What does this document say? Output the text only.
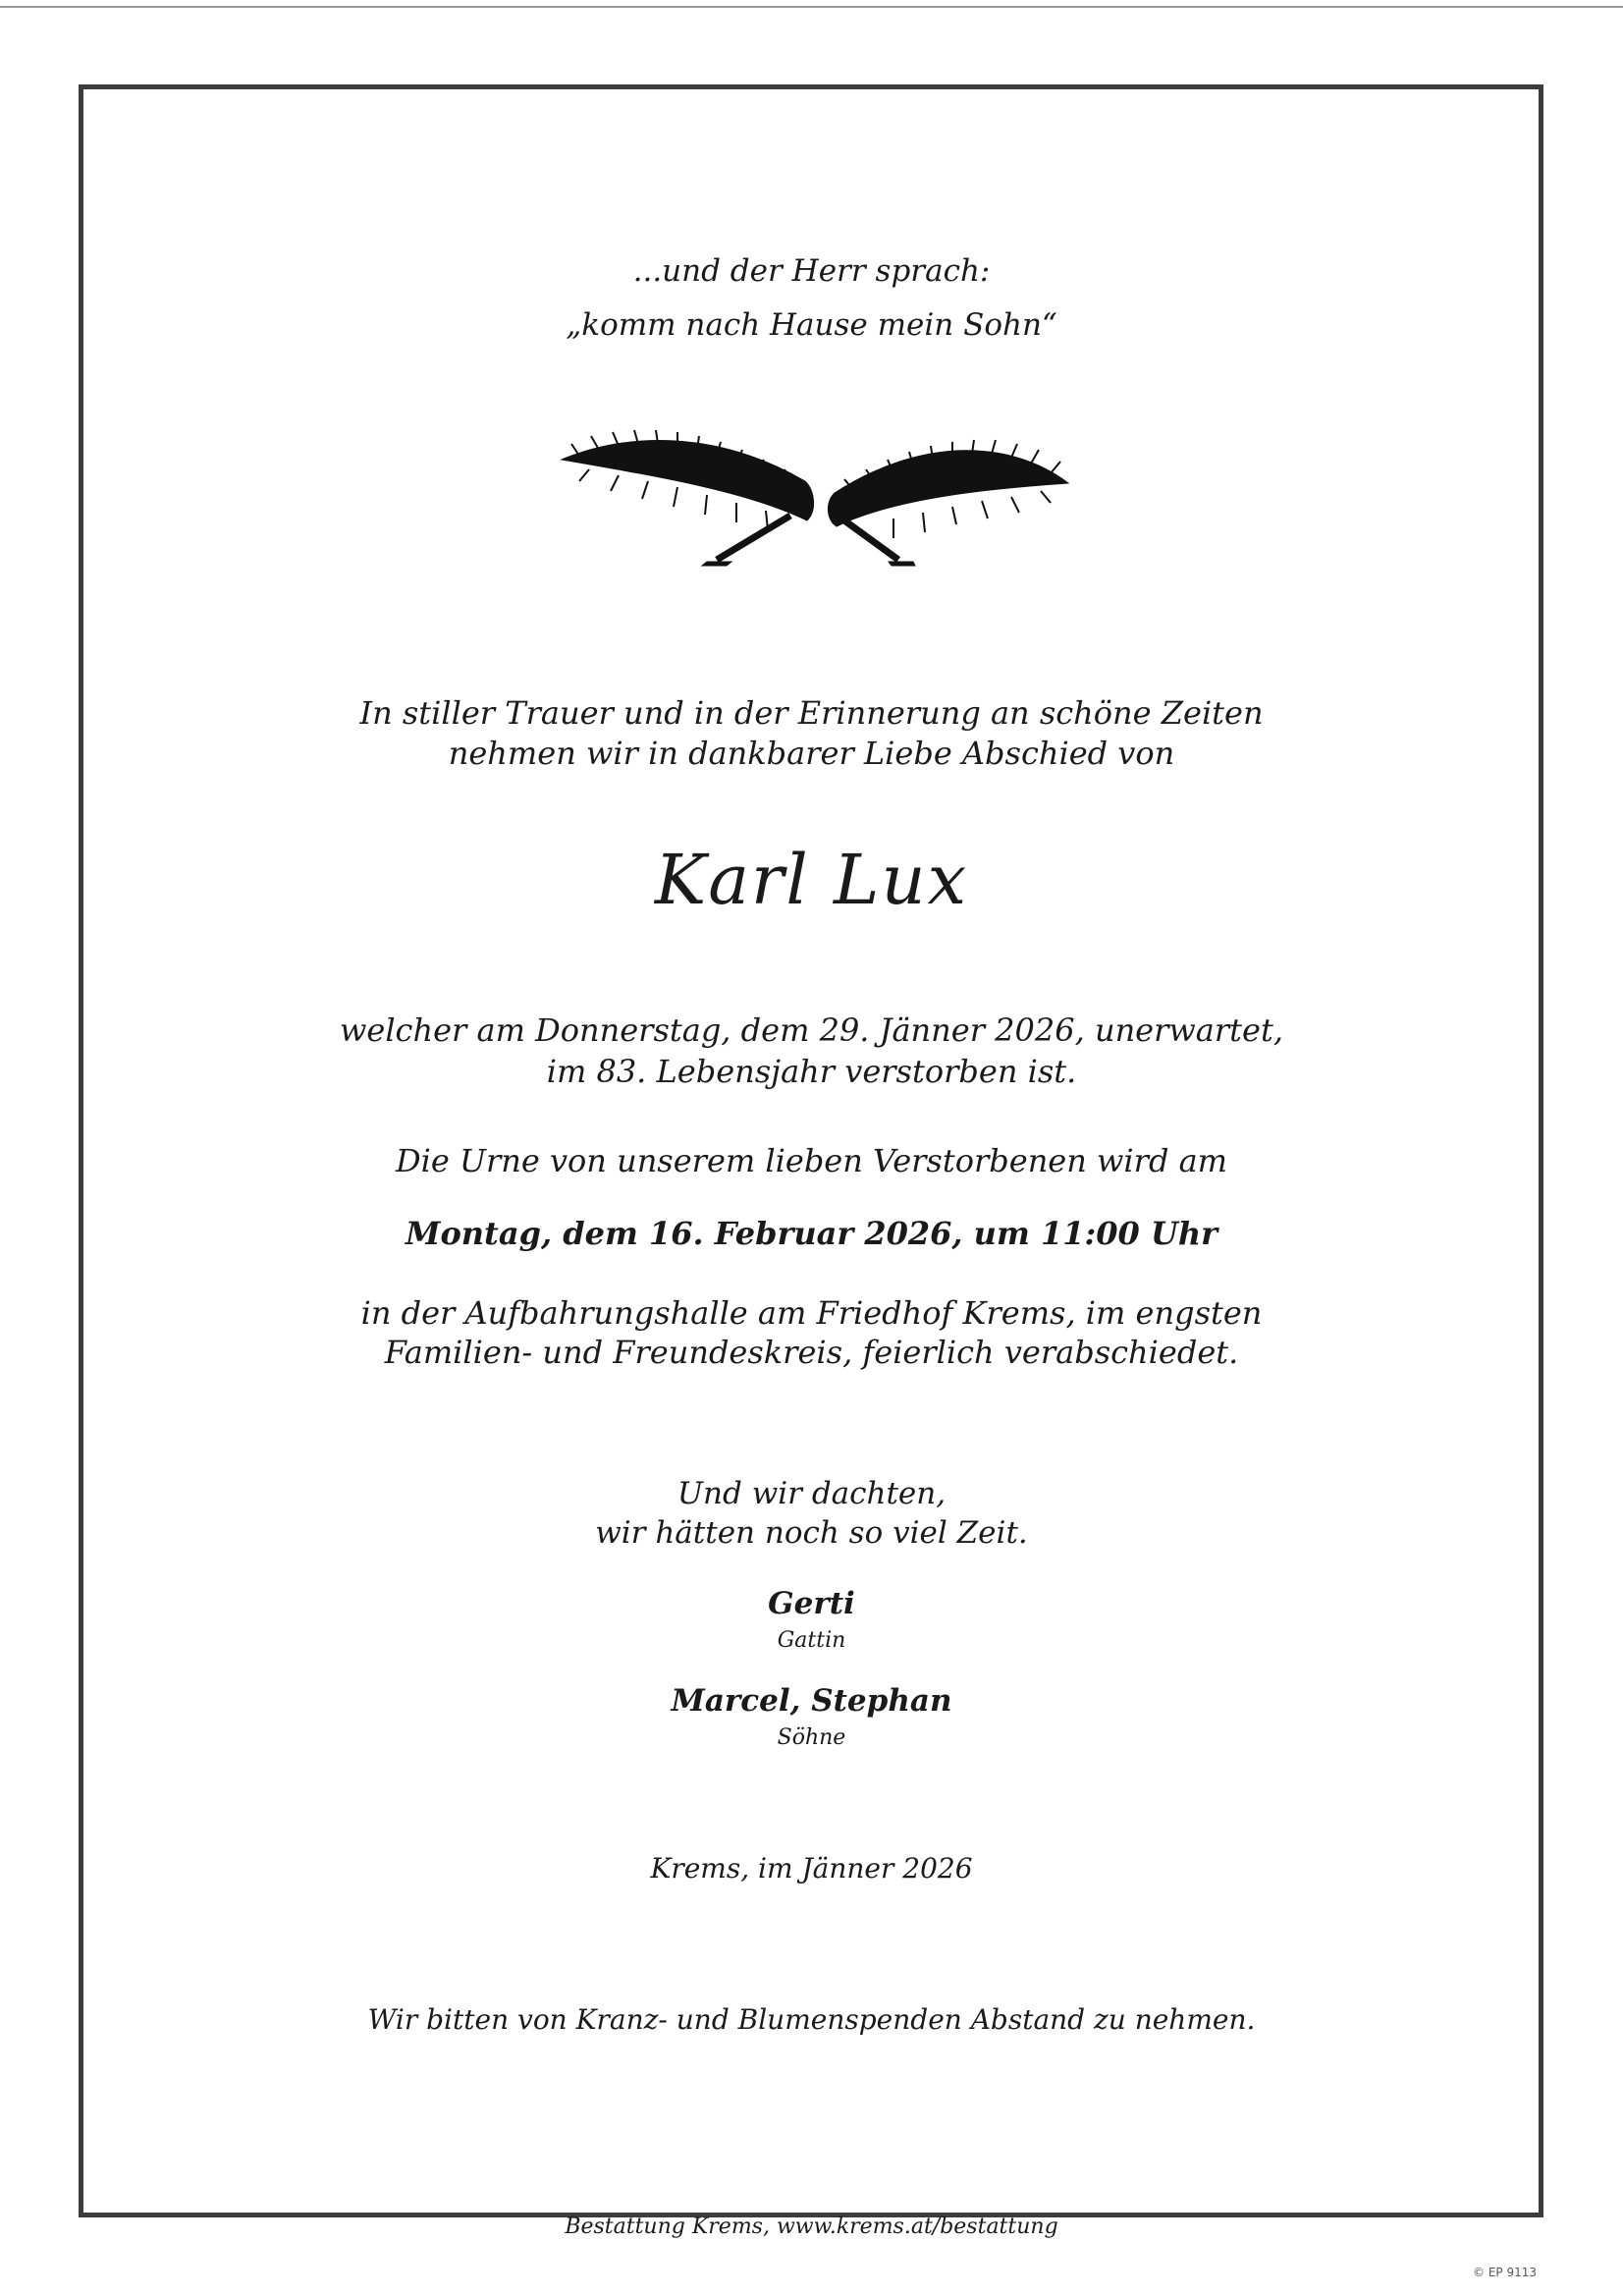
...und der Herr sprach:
„komm nach Hause mein Sohn“
In stiller Trauer und in der Erinnerung an schöne Zeiten
nehmen wir in dankbarer Liebe Abschied von
Karl Lux
welcher am Donnerstag, dem 29. Jänner 2026, unerwartet,
im 83. Lebensjahr verstorben ist.
Die Urne von unserem lieben Verstorbenen wird am
Montag, dem 16. Februar 2026, um 11:00 Uhr
in der Aufbahrungshalle am Friedhof Krems, im engsten
Familien- und Freundeskreis, feierlich verabschiedet.
Und wir dachten,
wir hätten noch so viel Zeit.
Gerti
Gattin
Marcel, Stephan
Söhne
Krems, im Jänner 2026
Wir bitten von Kranz- und Blumenspenden Abstand zu nehmen.
Bestattung Krems, www.krems.at/bestattung
© EP 9113
